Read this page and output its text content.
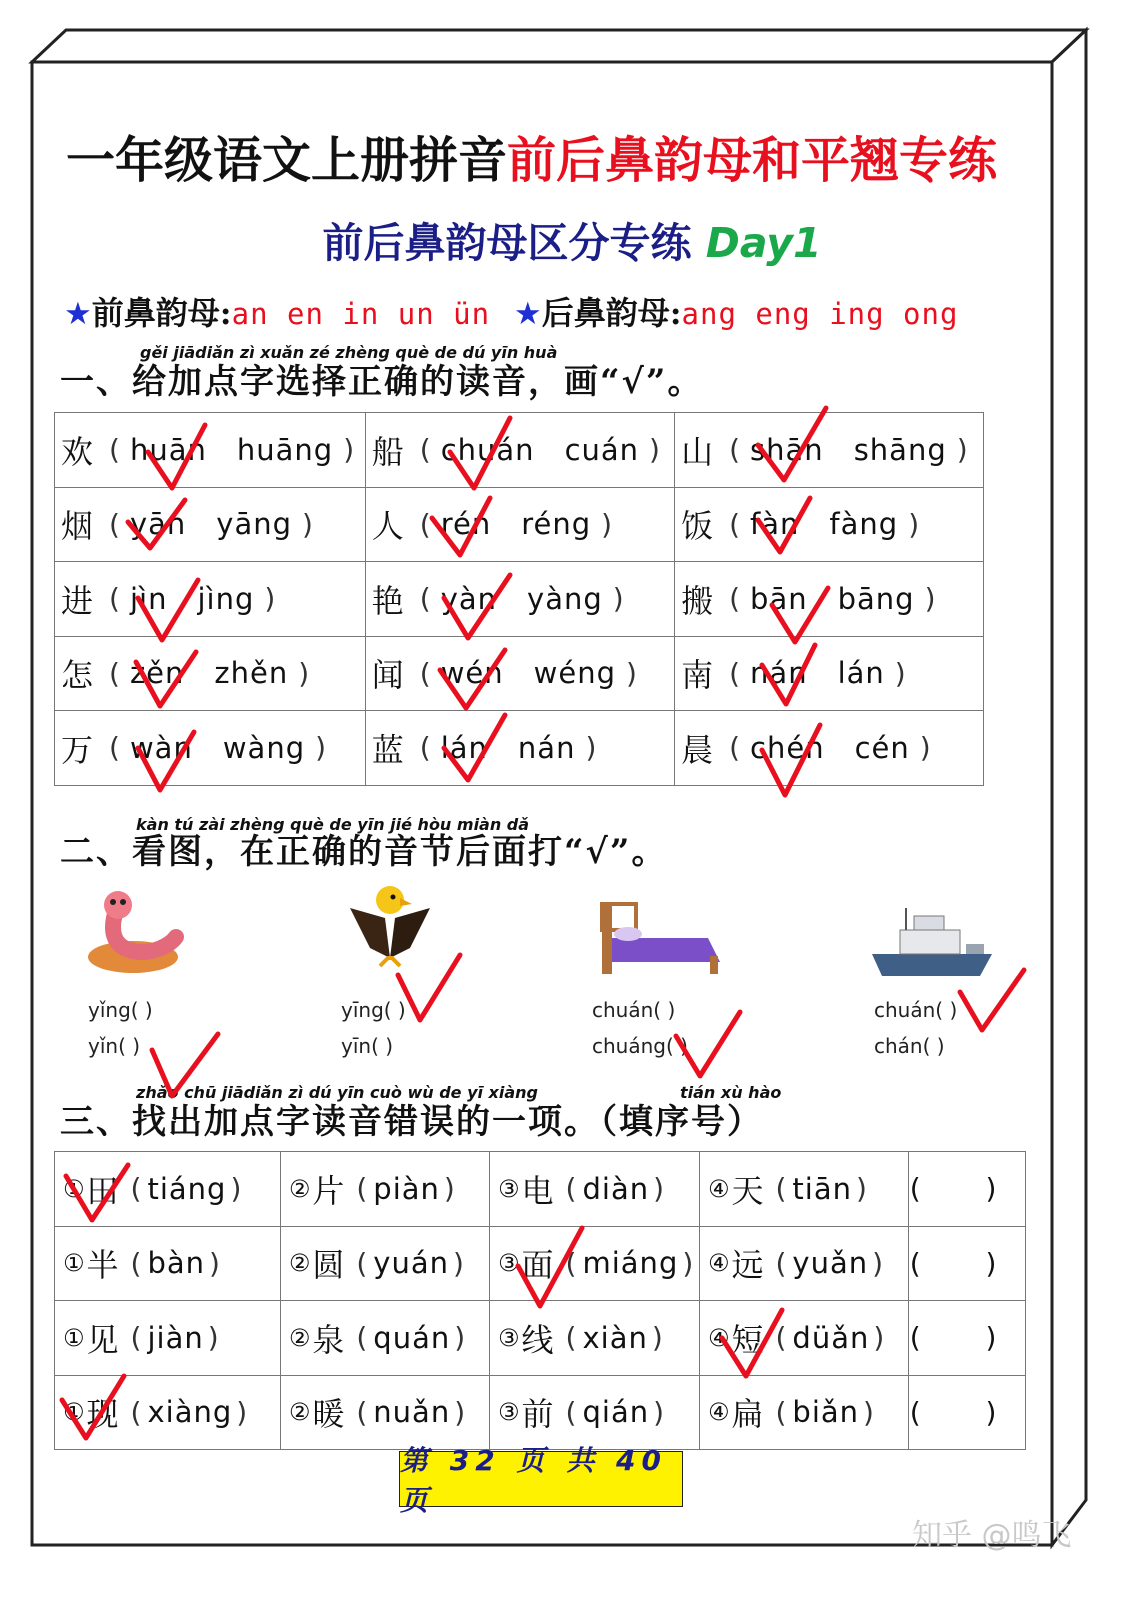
一年级语文上册拼音前后鼻韵母和平翘专练
前后鼻韵母区分专练 Day1
★前鼻韵母:an en in un ün ★后鼻韵母:ang eng ing ong
gěi jiādiǎn zì xuǎn zé zhèng què de dú yīn huà
一、给加点字选择正确的读音，画“√”。
欢 ( huān huāng )	船 ( chuán cuán )	山 ( shān shāng )

烟 ( yān yāng )	人 ( rén réng )	饭 ( fàn fàng )

进 ( jìn jìng )	艳 ( yàn yàng )	搬 ( bān bāng )

怎 ( zěn zhěn )	闻 ( wén wéng )	南 ( nán lán )

万 ( wàn wàng )	蓝 ( lán nán )	晨 ( chén cén )
kàn tú zài zhèng què de yīn jié hòu miàn dǎ
二、看图，在正确的音节后面打“√”。
yǐng( )
yǐn( )
yīng( )
yīn( )
chuán( )
chuáng( )
chuán( )
chán( )
zhǎo chū jiādiǎn zì dú yīn cuò wù de yī xiàng	tián xù hào
三、找出加点字读音错误的一项。（填序号）
① 田 ( tiáng )	② 片 ( piàn )	③ 电 ( diàn )	④ 天 ( tiān )	( )

① 半 ( bàn )	② 圆 ( yuán )	③ 面 ( miáng )	④ 远 ( yuǎn )	( )

① 见 ( jiàn )	② 泉 ( quán )	③ 线 ( xiàn )	④ 短 ( düǎn )	( )

① 现 ( xiàng )	② 暖 ( nuǎn )	③ 前 ( qián )	④ 扁 ( biǎn )	( )
第 32 页 共 40 页
知乎 @鸣飞
